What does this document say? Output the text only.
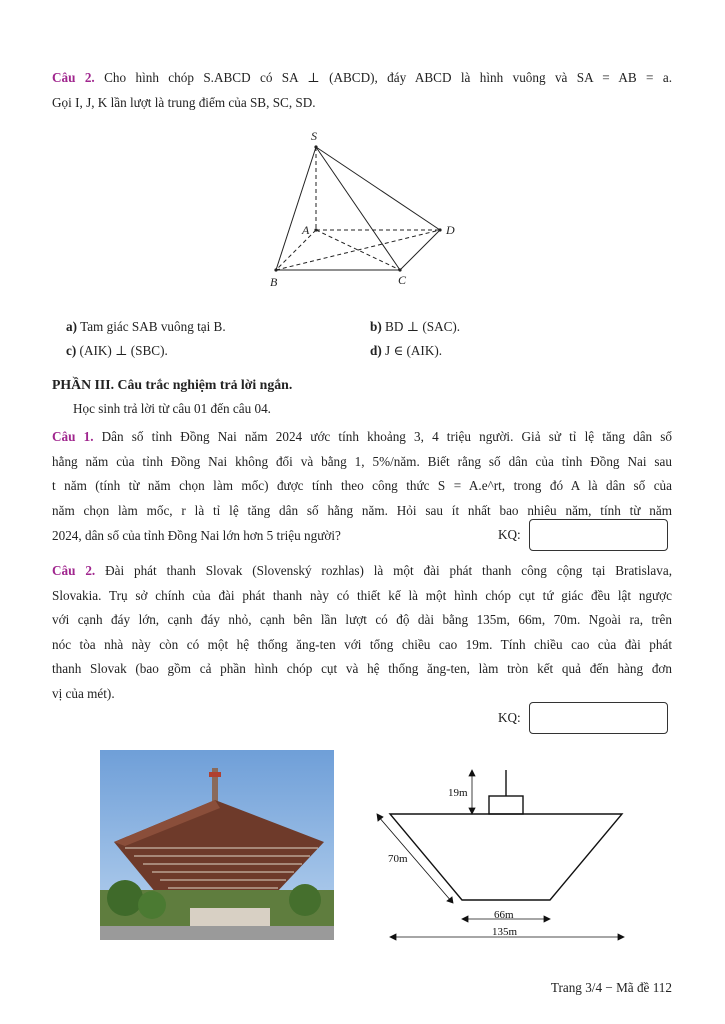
Câu 2. Cho hình chóp S.ABCD có SA ⊥ (ABCD), đáy ABCD là hình vuông và SA = AB = a.
Gọi I, J, K lần lượt là trung điểm của SB, SC, SD.
S
A
B	C
D
a) Tam giác SAB vuông tại B.	b) BD ⊥ (SAC).
c) (AIK) ⊥ (SBC).	d) J ∈ (AIK).
PHẦN III. Câu trắc nghiệm trả lời ngắn.
Học sinh trả lời từ câu 01 đến câu 04.
Câu 1. Dân số tỉnh Đồng Nai năm 2024 ước tính khoảng 3, 4 triệu người. Giả sử tỉ lệ tăng dân số
hằng năm của tỉnh Đồng Nai không đổi và bằng 1, 5%/năm. Biết rằng số dân của tỉnh Đồng Nai sau
t năm (tính từ năm chọn làm mốc) được tính theo công thức S = A.e^rt, trong đó A là dân số của
năm chọn làm mốc, r là tỉ lệ tăng dân số hằng năm. Hỏi sau ít nhất bao nhiêu năm, tính từ năm
2024, dân số của tỉnh Đồng Nai lớn hơn 5 triệu người?	KQ:
Câu 2. Đài phát thanh Slovak (Slovenský rozhlas) là một đài phát thanh công cộng tại Bratislava,
Slovakia. Trụ sở chính của đài phát thanh này có thiết kế là một hình chóp cụt tứ giác đều lật ngược
với cạnh đáy lớn, cạnh đáy nhỏ, cạnh bên lần lượt có độ dài bằng 135m, 66m, 70m. Ngoài ra, trên
nóc tòa nhà này còn có một hệ thống ăng-ten với tổng chiều cao 19m. Tính chiều cao của đài phát
thanh Slovak (bao gồm cả phần hình chóp cụt và hệ thống ăng-ten, làm tròn kết quả đến hàng đơn
vị của mét).
KQ:
19m
70m
66m
135m
Trang 3/4 − Mã đề 112
